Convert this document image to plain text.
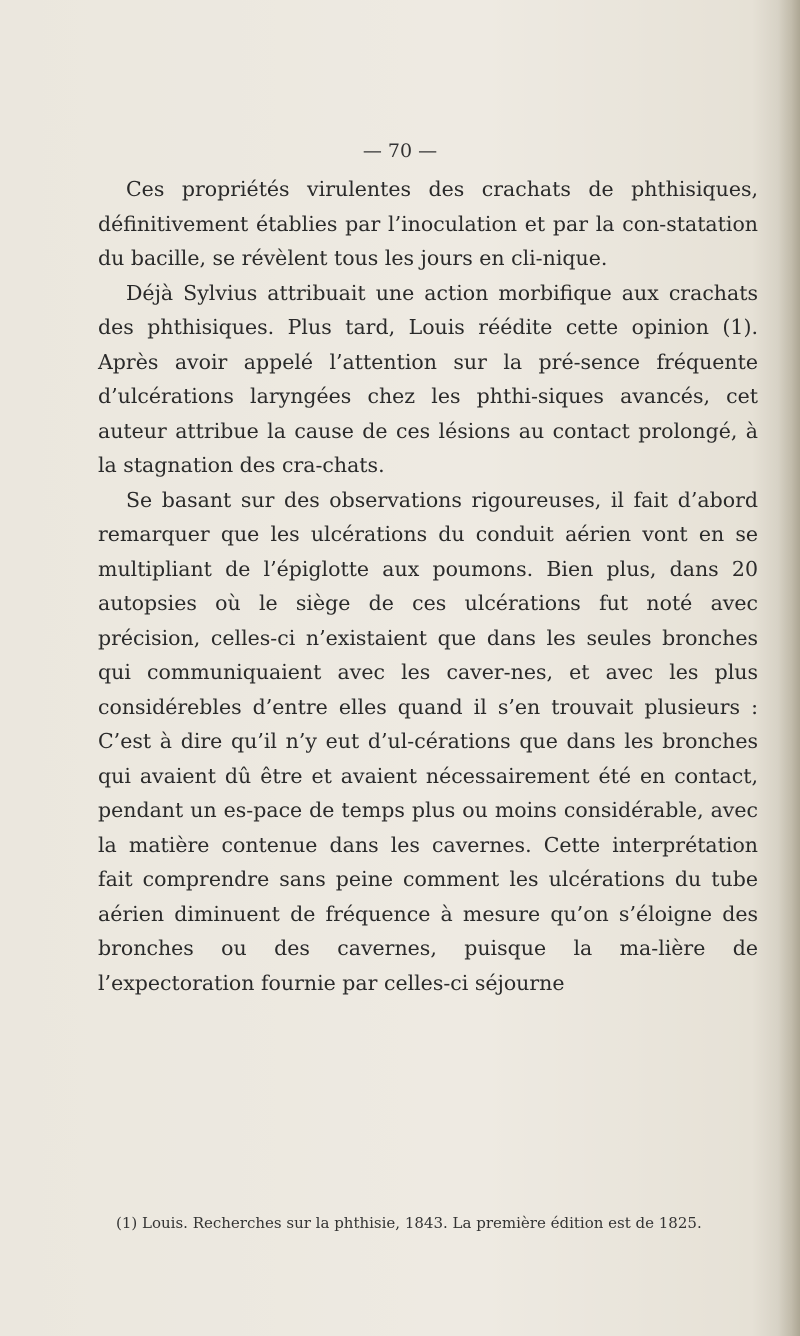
— 70 —

Ces propriétés virulentes des crachats de phthisiques, définitivement établies par l’inoculation et par la con-statation du bacille, se révèlent tous les jours en cli-nique.

Déjà Sylvius attribuait une action morbifique aux crachats des phthisiques. Plus tard, Louis réédite cette opinion (1). Après avoir appelé l’attention sur la pré-sence fréquente d’ulcérations laryngées chez les phthi-siques avancés, cet auteur attribue la cause de ces lésions au contact prolongé, à la stagnation des cra-chats.

Se basant sur des observations rigoureuses, il fait d’abord remarquer que les ulcérations du conduit aérien vont en se multipliant de l’épiglotte aux poumons. Bien plus, dans 20 autopsies où le siège de ces ulcérations fut noté avec précision, celles-ci n’existaient que dans les seules bronches qui communiquaient avec les caver-nes, et avec les plus considérebles d’entre elles quand il s’en trouvait plusieurs : C’est à dire qu’il n’y eut d’ul-cérations que dans les bronches qui avaient dû être et avaient nécessairement été en contact, pendant un es-pace de temps plus ou moins considérable, avec la matière contenue dans les cavernes. Cette interprétation fait comprendre sans peine comment les ulcérations du tube aérien diminuent de fréquence à mesure qu’on s’éloigne des bronches ou des cavernes, puisque la ma-lière de l’expectoration fournie par celles-ci séjourne

(1) Louis. Recherches sur la phthisie, 1843. La première édition est de 1825.
